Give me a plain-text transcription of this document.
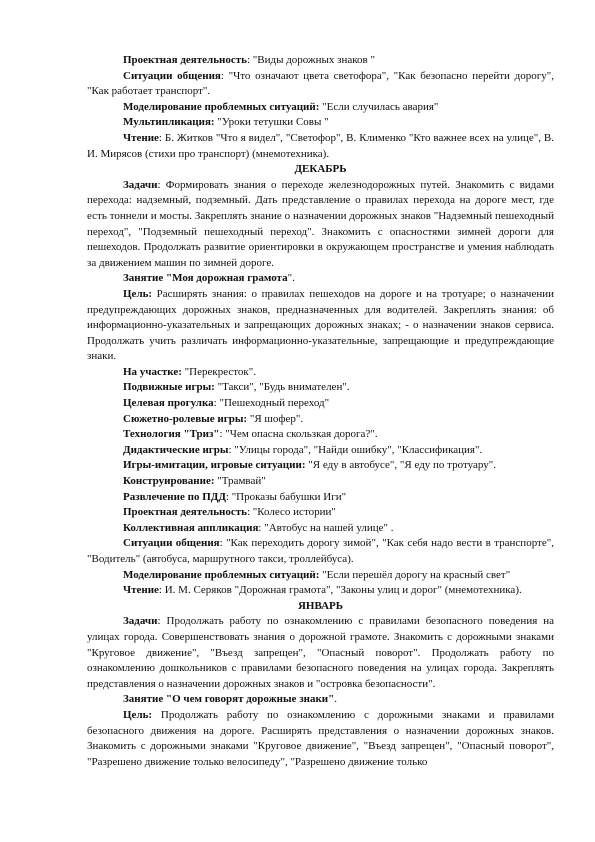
Проектная деятельность: "Виды дорожных знаков "

Ситуации общения: "Что означают цвета светофора", "Как безопасно перейти дорогу", "Как работает транспорт".

Моделирование проблемных ситуаций: "Если случилась авария"

Мультипликация: "Уроки тетушки Совы "

Чтение: Б. Житков "Что я видел", "Светофор", В. Клименко "Кто важнее всех на улице", В. И. Мирясов (стихи про транспорт) (мнемотехника).

ДЕКАБРЬ

Задачи: Формировать знания о переходе железнодорожных путей. Знакомить с видами перехода: надземный, подземный. Дать представление о правилах перехода на дороге мест, где есть тоннели и мосты. Закреплять знание о назначении дорожных знаков "Надземный пешеходный переход", "Подземный пешеходный переход". Знакомить с опасностями зимней дороги для пешеходов. Продолжать развитие ориентировки в окружающем пространстве и умения наблюдать за движением машин по зимней дороге.

Занятие "Моя дорожная грамота".

Цель: Расширять знания: о правилах пешеходов на дороге и на тротуаре; о назначении предупреждающих дорожных знаков, предназначенных для водителей. Закреплять знания: об информационно-указательных и запрещающих дорожных знаках; - о назначении знаков сервиса. Продолжать учить различать информационно-указательные, запрещающие и предупреждающие знаки.

На участке: "Перекресток".

Подвижные игры: "Такси", "Будь внимателен".

Целевая прогулка: "Пешеходный переход"

Сюжетно-ролевые игры: "Я шофер".

Технология "Триз": "Чем опасна скользкая дорога?".

Дидактические игры: "Улицы города", "Найди ошибку", "Классификация".

Игры-имитации, игровые ситуации: "Я еду в автобусе", "Я еду по тротуару".

Конструирование: "Трамвай"

Развлечение по ПДД: "Проказы бабушки Иги"

Проектная деятельность: "Колесо истории"

Коллективная аппликация: "Автобус на нашей улице" .

Ситуации общения: "Как переходить дорогу зимой", "Как себя надо вести в транспорте", "Водитель" (автобуса, маршрутного такси, троллейбуса).

Моделирование проблемных ситуаций: "Если перешёл дорогу на красный свет"

Чтение: И. М. Серяков "Дорожная грамота", "Законы улиц и дорог" (мнемотехника).

ЯНВАРЬ

Задачи: Продолжать работу по ознакомлению с правилами безопасного поведения на улицах города. Совершенствовать знания о дорожной грамоте. Знакомить с дорожными знаками "Круговое движение", "Въезд запрещен", "Опасный поворот". Продолжать работу по ознакомлению дошкольников с правилами безопасного поведения на улицах города. Закреплять представления о назначении дорожных знаков и "островка безопасности".

Занятие "О чем говорят дорожные знаки".

Цель: Продолжать работу по ознакомлению с дорожными знаками и правилами безопасного движения на дороге. Расширять представления о назначении дорожных знаков. Знакомить с дорожными знаками "Круговое движение", "Въезд запрещен", "Опасный поворот", "Разрешено движение только велосипеду", "Разрешено движение только
